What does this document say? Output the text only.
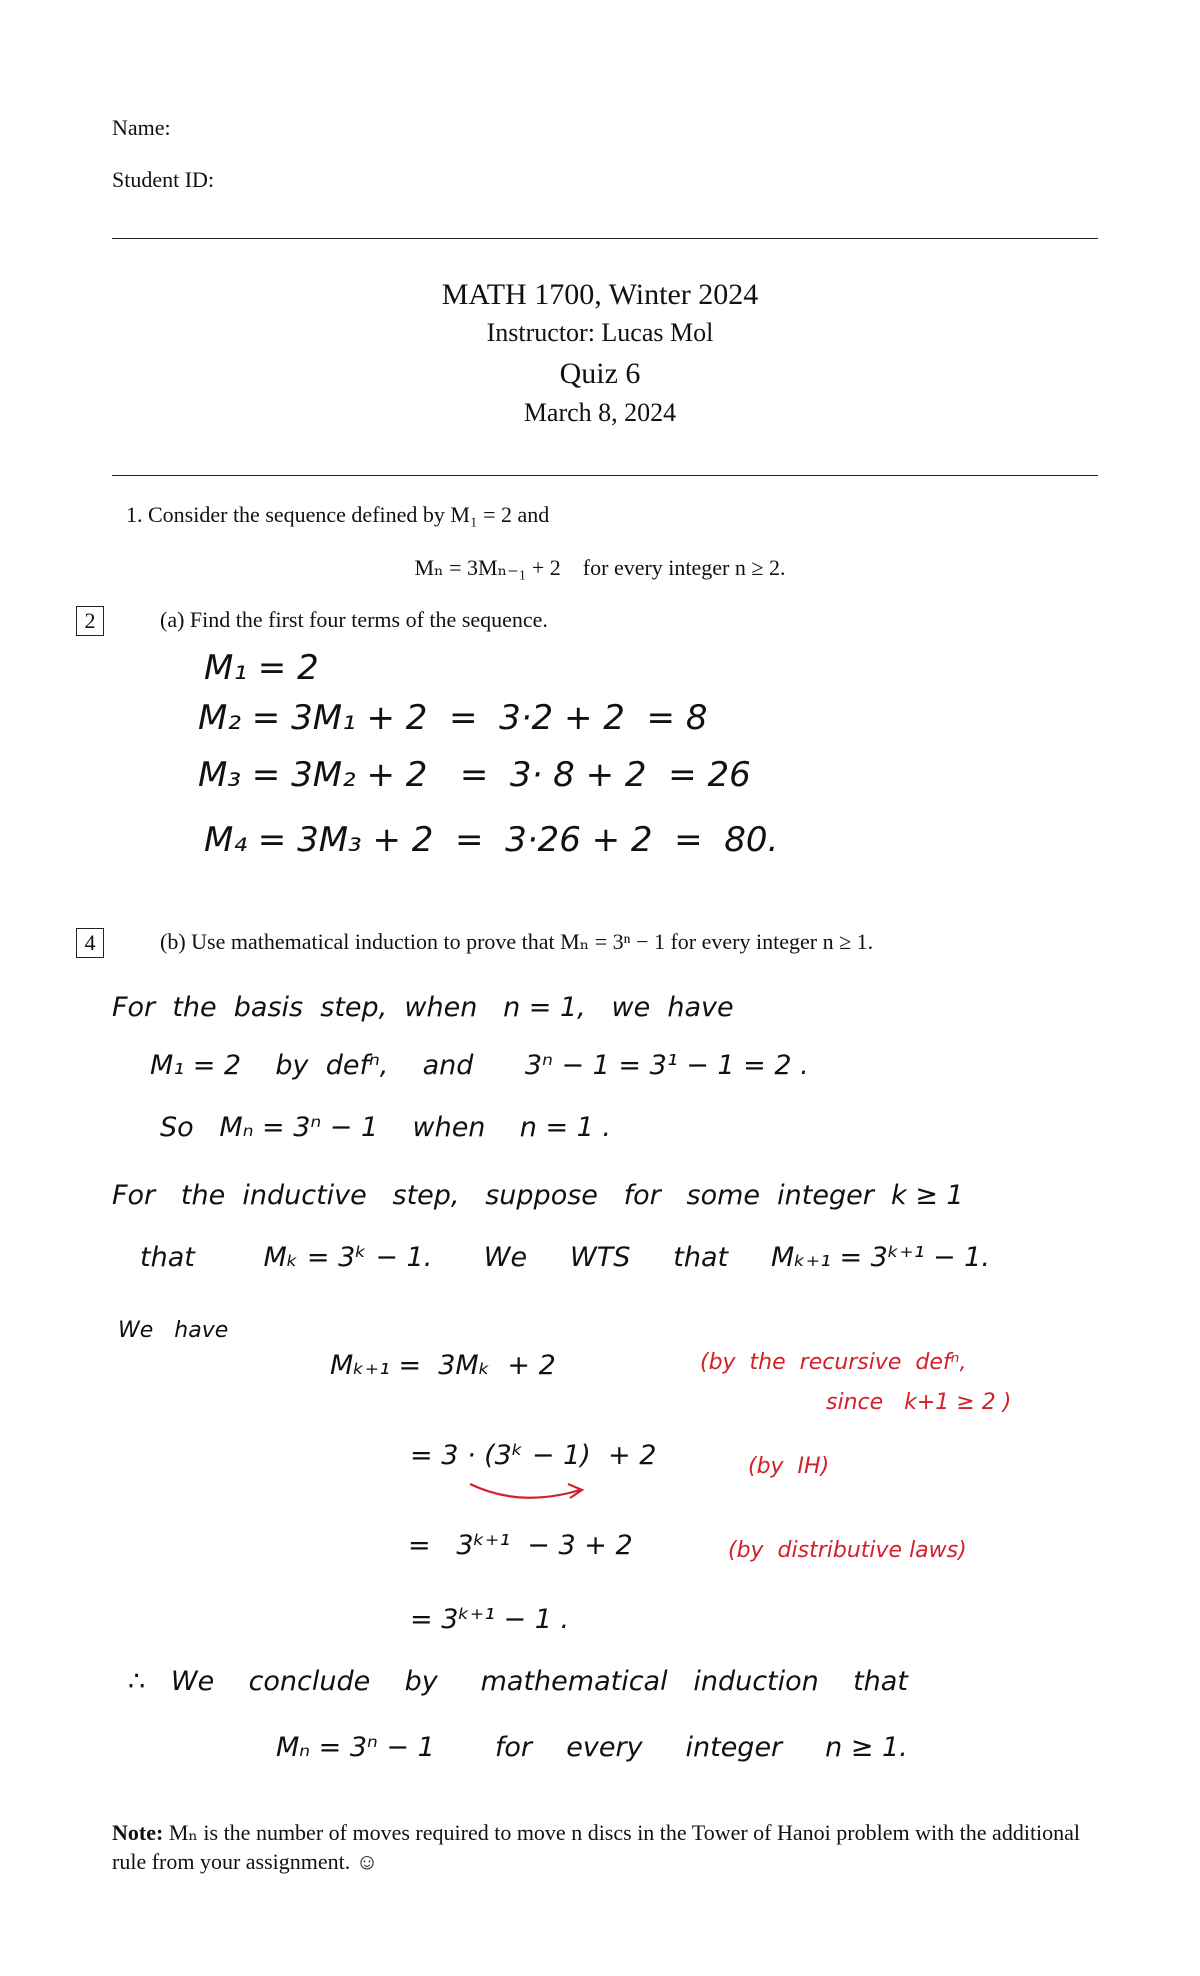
Name:
Student ID:
MATH 1700, Winter 2024
Instructor: Lucas Mol
Quiz 6
March 8, 2024
1. Consider the sequence defined by M₁ = 2 and
Mₙ = 3Mₙ₋₁ + 2    for every integer n ≥ 2.
2	(a) Find the first four terms of the sequence.
M₁ = 2
M₂ = 3M₁ + 2  =  3·2 + 2  = 8
M₃ = 3M₂ + 2   =  3· 8 + 2  = 26
M₄ = 3M₃ + 2  =  3·26 + 2  =  80.
4	(b) Use mathematical induction to prove that Mₙ = 3ⁿ − 1 for every integer n ≥ 1.
For  the  basis  step,  when   n = 1,   we  have
M₁ = 2    by  defⁿ,    and      3ⁿ − 1 = 3¹ − 1 = 2 .
So   Mₙ = 3ⁿ − 1    when    n = 1 .
For   the  inductive   step,   suppose   for   some  integer  k ≥ 1
that        Mₖ = 3ᵏ − 1.      We     WTS     that     Mₖ₊₁ = 3ᵏ⁺¹ − 1.
We   have
Mₖ₊₁ =  3Mₖ  + 2
= 3 · (3ᵏ − 1)  + 2
=   3ᵏ⁺¹  − 3 + 2
= 3ᵏ⁺¹ − 1 .
(by  the  recursive  defⁿ,
since   k+1 ≥ 2 )
(by  IH)
(by  distributive laws)
∴   We    conclude    by     mathematical   induction    that
Mₙ = 3ⁿ − 1       for    every     integer     n ≥ 1.
Note: Mₙ is the number of moves required to move n discs in the Tower of Hanoi problem with the additional rule from your assignment. ☺
